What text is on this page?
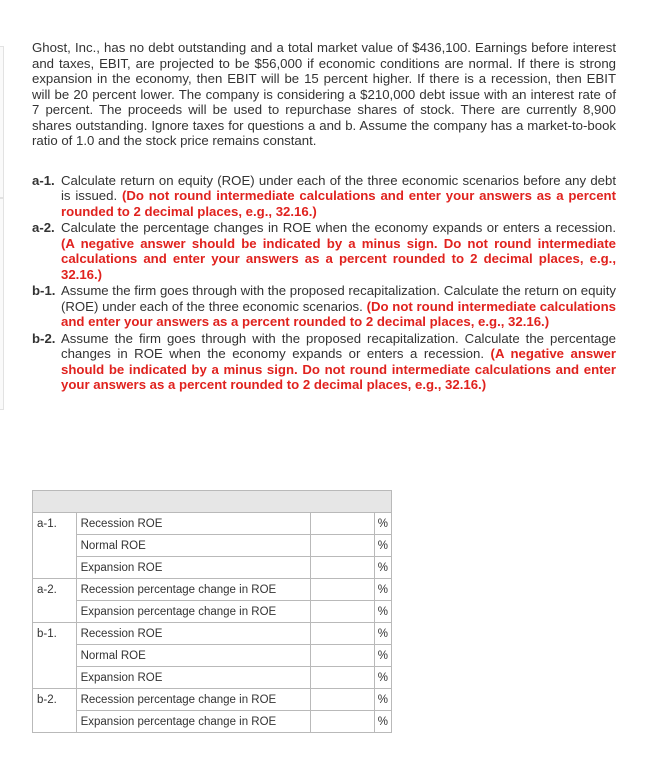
Ghost, Inc., has no debt outstanding and a total market value of $436,100. Earnings before interest and taxes, EBIT, are projected to be $56,000 if economic conditions are normal. If there is strong expansion in the economy, then EBIT will be 15 percent higher. If there is a recession, then EBIT will be 20 percent lower. The company is considering a $210,000 debt issue with an interest rate of 7 percent. The proceeds will be used to repurchase shares of stock. There are currently 8,900 shares outstanding. Ignore taxes for questions a and b. Assume the company has a market-to-book ratio of 1.0 and the stock price remains constant.

a-1. Calculate return on equity (ROE) under each of the three economic scenarios before any debt is issued. (Do not round intermediate calculations and enter your answers as a percent rounded to 2 decimal places, e.g., 32.16.)
a-2. Calculate the percentage changes in ROE when the economy expands or enters a recession. (A negative answer should be indicated by a minus sign. Do not round intermediate calculations and enter your answers as a percent rounded to 2 decimal places, e.g., 32.16.)
b-1. Assume the firm goes through with the proposed recapitalization. Calculate the return on equity (ROE) under each of the three economic scenarios. (Do not round intermediate calculations and enter your answers as a percent rounded to 2 decimal places, e.g., 32.16.)
b-2. Assume the firm goes through with the proposed recapitalization. Calculate the percentage changes in ROE when the economy expands or enters a recession. (A negative answer should be indicated by a minus sign. Do not round intermediate calculations and enter your answers as a percent rounded to 2 decimal places, e.g., 32.16.)

a-1.	Recession ROE		%
	Normal ROE		%
	Expansion ROE		%
a-2.	Recession percentage change in ROE		%
	Expansion percentage change in ROE		%
b-1.	Recession ROE		%
	Normal ROE		%
	Expansion ROE		%
b-2.	Recession percentage change in ROE		%
	Expansion percentage change in ROE		%
